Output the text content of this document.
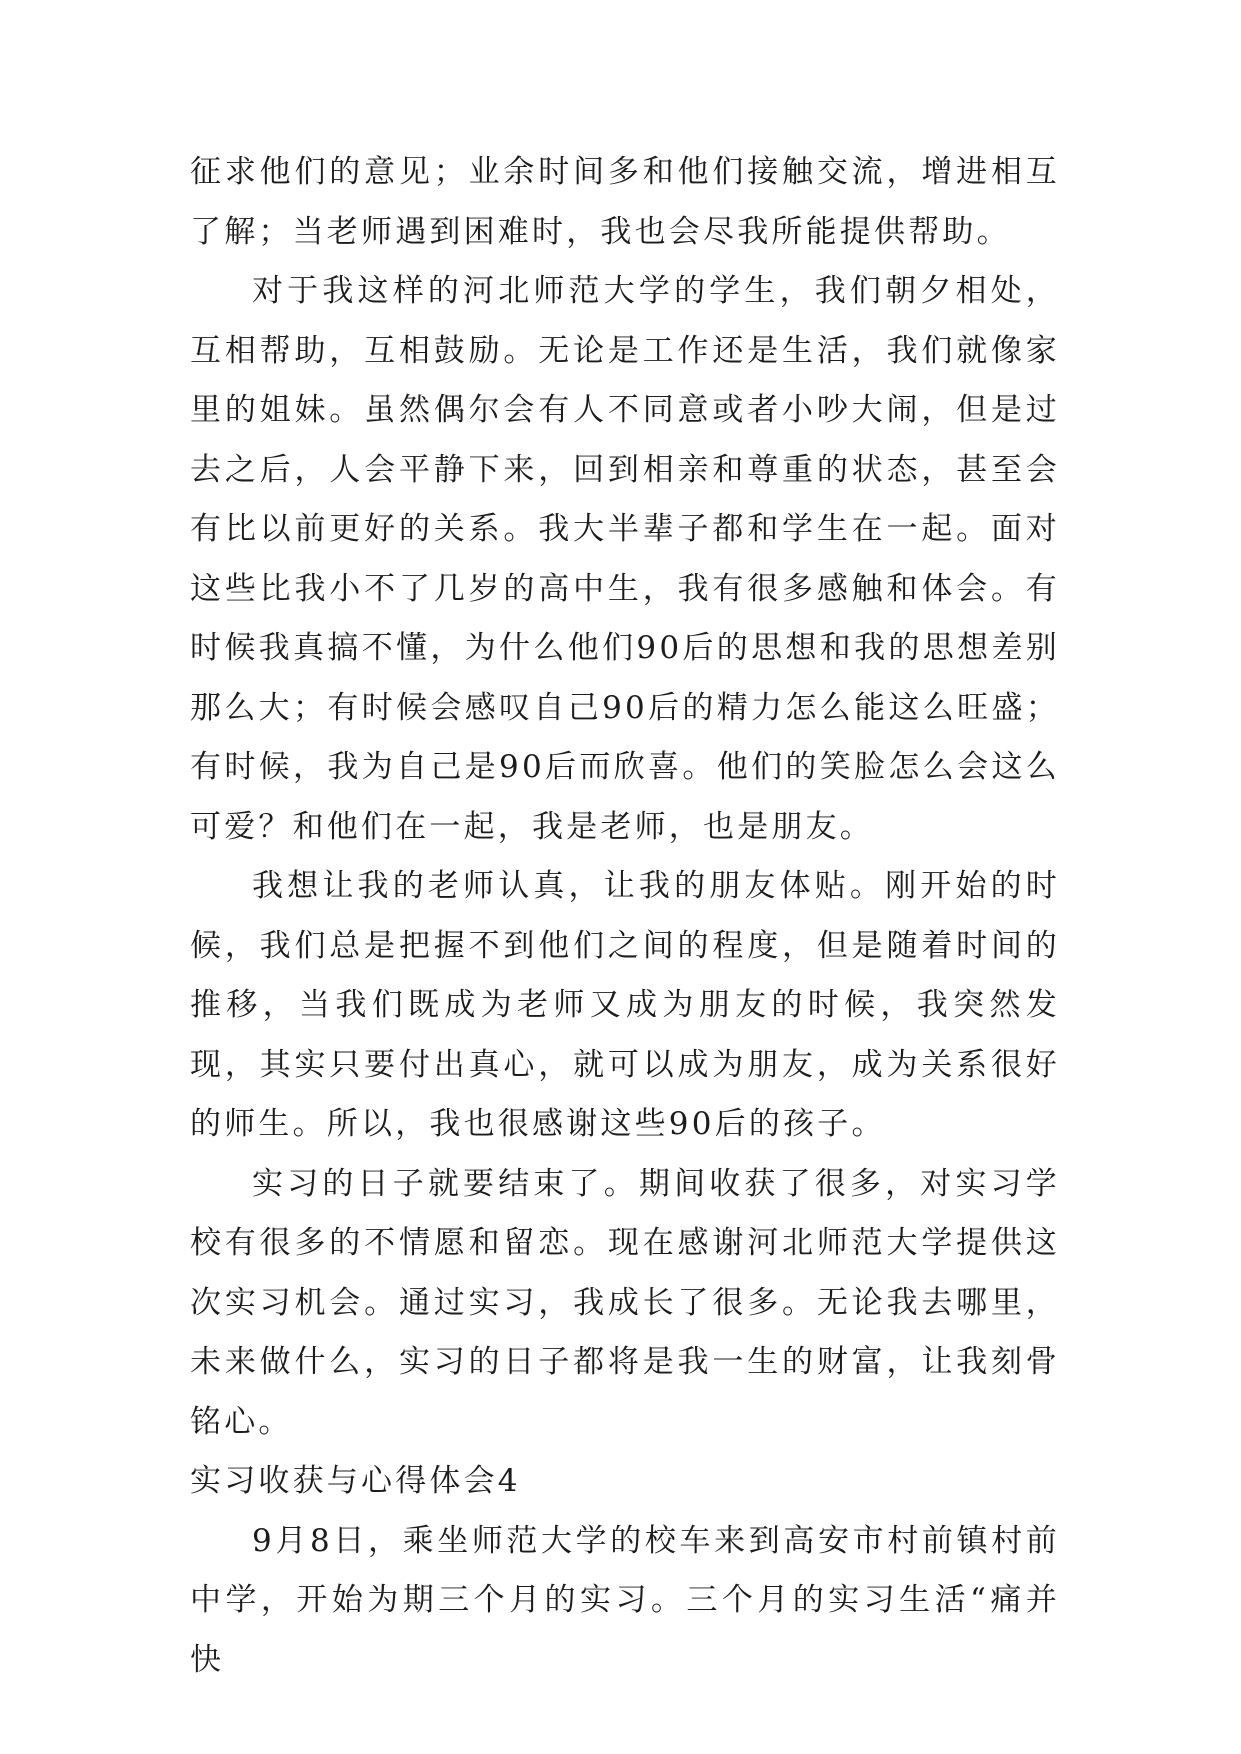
征求他们的意见；业余时间多和他们接触交流，增进相互了解；当老师遇到困难时，我也会尽我所能提供帮助。

对于我这样的河北师范大学的学生，我们朝夕相处，互相帮助，互相鼓励。无论是工作还是生活，我们就像家里的姐妹。虽然偶尔会有人不同意或者小吵大闹，但是过去之后，人会平静下来，回到相亲和尊重的状态，甚至会有比以前更好的关系。我大半辈子都和学生在一起。面对这些比我小不了几岁的高中生，我有很多感触和体会。有时候我真搞不懂，为什么他们90后的思想和我的思想差别那么大；有时候会感叹自己90后的精力怎么能这么旺盛；有时候，我为自己是90后而欣喜。他们的笑脸怎么会这么可爱？和他们在一起，我是老师，也是朋友。

我想让我的老师认真，让我的朋友体贴。刚开始的时候，我们总是把握不到他们之间的程度，但是随着时间的推移，当我们既成为老师又成为朋友的时候，我突然发现，其实只要付出真心，就可以成为朋友，成为关系很好的师生。所以，我也很感谢这些90后的孩子。

实习的日子就要结束了。期间收获了很多，对实习学校有很多的不情愿和留恋。现在感谢河北师范大学提供这次实习机会。通过实习，我成长了很多。无论我去哪里，未来做什么，实习的日子都将是我一生的财富，让我刻骨铭心。

实习收获与心得体会4

9月8日，乘坐师范大学的校车来到高安市村前镇村前中学，开始为期三个月的实习。三个月的实习生活“痛并快
